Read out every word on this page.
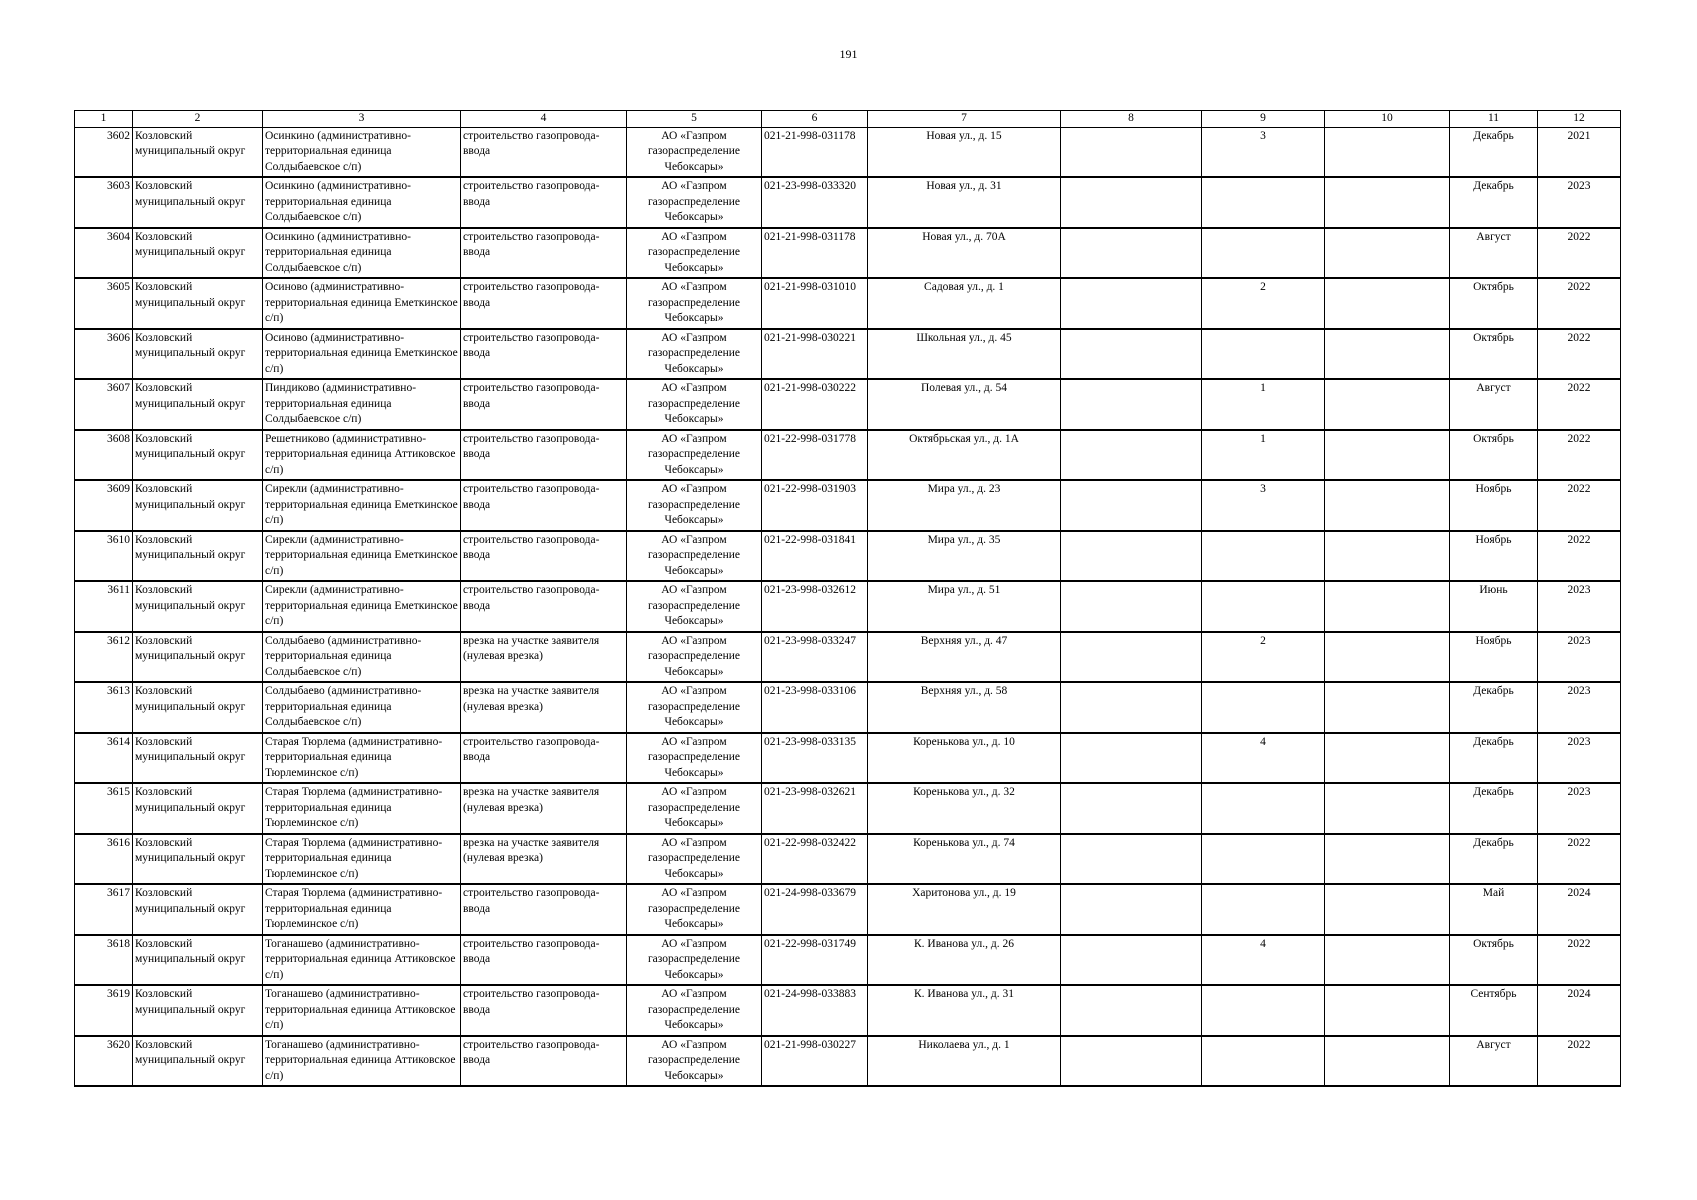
191
1	2	3	4	5	6	7	8	9	10	11	12
3602	Козловский муниципальный округ	Осинкино (административно-территориальная единица Солдыбаевское с/п)	строительство газопровода-ввода	АО «Газпром газораспределение Чебоксары»	021-21-998-031178	Новая ул., д. 15		3		Декабрь	2021
3603	Козловский муниципальный округ	Осинкино (административно-территориальная единица Солдыбаевское с/п)	строительство газопровода-ввода	АО «Газпром газораспределение Чебоксары»	021-23-998-033320	Новая ул., д. 31				Декабрь	2023
3604	Козловский муниципальный округ	Осинкино (административно-территориальная единица Солдыбаевское с/п)	строительство газопровода-ввода	АО «Газпром газораспределение Чебоксары»	021-21-998-031178	Новая ул., д. 70А				Август	2022
3605	Козловский муниципальный округ	Осиново (административно-территориальная единица Еметкинское с/п)	строительство газопровода-ввода	АО «Газпром газораспределение Чебоксары»	021-21-998-031010	Садовая ул., д. 1		2		Октябрь	2022
3606	Козловский муниципальный округ	Осиново (административно-территориальная единица Еметкинское с/п)	строительство газопровода-ввода	АО «Газпром газораспределение Чебоксары»	021-21-998-030221	Школьная ул., д. 45				Октябрь	2022
3607	Козловский муниципальный округ	Пиндиково (административно-территориальная единица Солдыбаевское с/п)	строительство газопровода-ввода	АО «Газпром газораспределение Чебоксары»	021-21-998-030222	Полевая ул., д. 54		1		Август	2022
3608	Козловский муниципальный округ	Решетниково (административно-территориальная единица Аттиковское с/п)	строительство газопровода-ввода	АО «Газпром газораспределение Чебоксары»	021-22-998-031778	Октябрьская ул., д. 1А		1		Октябрь	2022
3609	Козловский муниципальный округ	Сирекли (административно-территориальная единица Еметкинское с/п)	строительство газопровода-ввода	АО «Газпром газораспределение Чебоксары»	021-22-998-031903	Мира ул., д. 23		3		Ноябрь	2022
3610	Козловский муниципальный округ	Сирекли (административно-территориальная единица Еметкинское с/п)	строительство газопровода-ввода	АО «Газпром газораспределение Чебоксары»	021-22-998-031841	Мира ул., д. 35				Ноябрь	2022
3611	Козловский муниципальный округ	Сирекли (административно-территориальная единица Еметкинское с/п)	строительство газопровода-ввода	АО «Газпром газораспределение Чебоксары»	021-23-998-032612	Мира ул., д. 51				Июнь	2023
3612	Козловский муниципальный округ	Солдыбаево (административно-территориальная единица Солдыбаевское с/п)	врезка на участке заявителя (нулевая врезка)	АО «Газпром газораспределение Чебоксары»	021-23-998-033247	Верхняя ул., д. 47		2		Ноябрь	2023
3613	Козловский муниципальный округ	Солдыбаево (административно-территориальная единица Солдыбаевское с/п)	врезка на участке заявителя (нулевая врезка)	АО «Газпром газораспределение Чебоксары»	021-23-998-033106	Верхняя ул., д. 58				Декабрь	2023
3614	Козловский муниципальный округ	Старая Тюрлема (административно-территориальная единица Тюрлеминское с/п)	строительство газопровода-ввода	АО «Газпром газораспределение Чебоксары»	021-23-998-033135	Коренькова ул., д. 10		4		Декабрь	2023
3615	Козловский муниципальный округ	Старая Тюрлема (административно-территориальная единица Тюрлеминское с/п)	врезка на участке заявителя (нулевая врезка)	АО «Газпром газораспределение Чебоксары»	021-23-998-032621	Коренькова ул., д. 32				Декабрь	2023
3616	Козловский муниципальный округ	Старая Тюрлема (административно-территориальная единица Тюрлеминское с/п)	врезка на участке заявителя (нулевая врезка)	АО «Газпром газораспределение Чебоксары»	021-22-998-032422	Коренькова ул., д. 74				Декабрь	2022
3617	Козловский муниципальный округ	Старая Тюрлема (административно-территориальная единица Тюрлеминское с/п)	строительство газопровода-ввода	АО «Газпром газораспределение Чебоксары»	021-24-998-033679	Харитонова ул., д. 19				Май	2024
3618	Козловский муниципальный округ	Тоганашево (административно-территориальная единица Аттиковское с/п)	строительство газопровода-ввода	АО «Газпром газораспределение Чебоксары»	021-22-998-031749	К. Иванова ул., д. 26		4		Октябрь	2022
3619	Козловский муниципальный округ	Тоганашево (административно-территориальная единица Аттиковское с/п)	строительство газопровода-ввода	АО «Газпром газораспределение Чебоксары»	021-24-998-033883	К. Иванова ул., д. 31				Сентябрь	2024
3620	Козловский муниципальный округ	Тоганашево (административно-территориальная единица Аттиковское с/п)	строительство газопровода-ввода	АО «Газпром газораспределение Чебоксары»	021-21-998-030227	Николаева ул., д. 1				Август	2022
